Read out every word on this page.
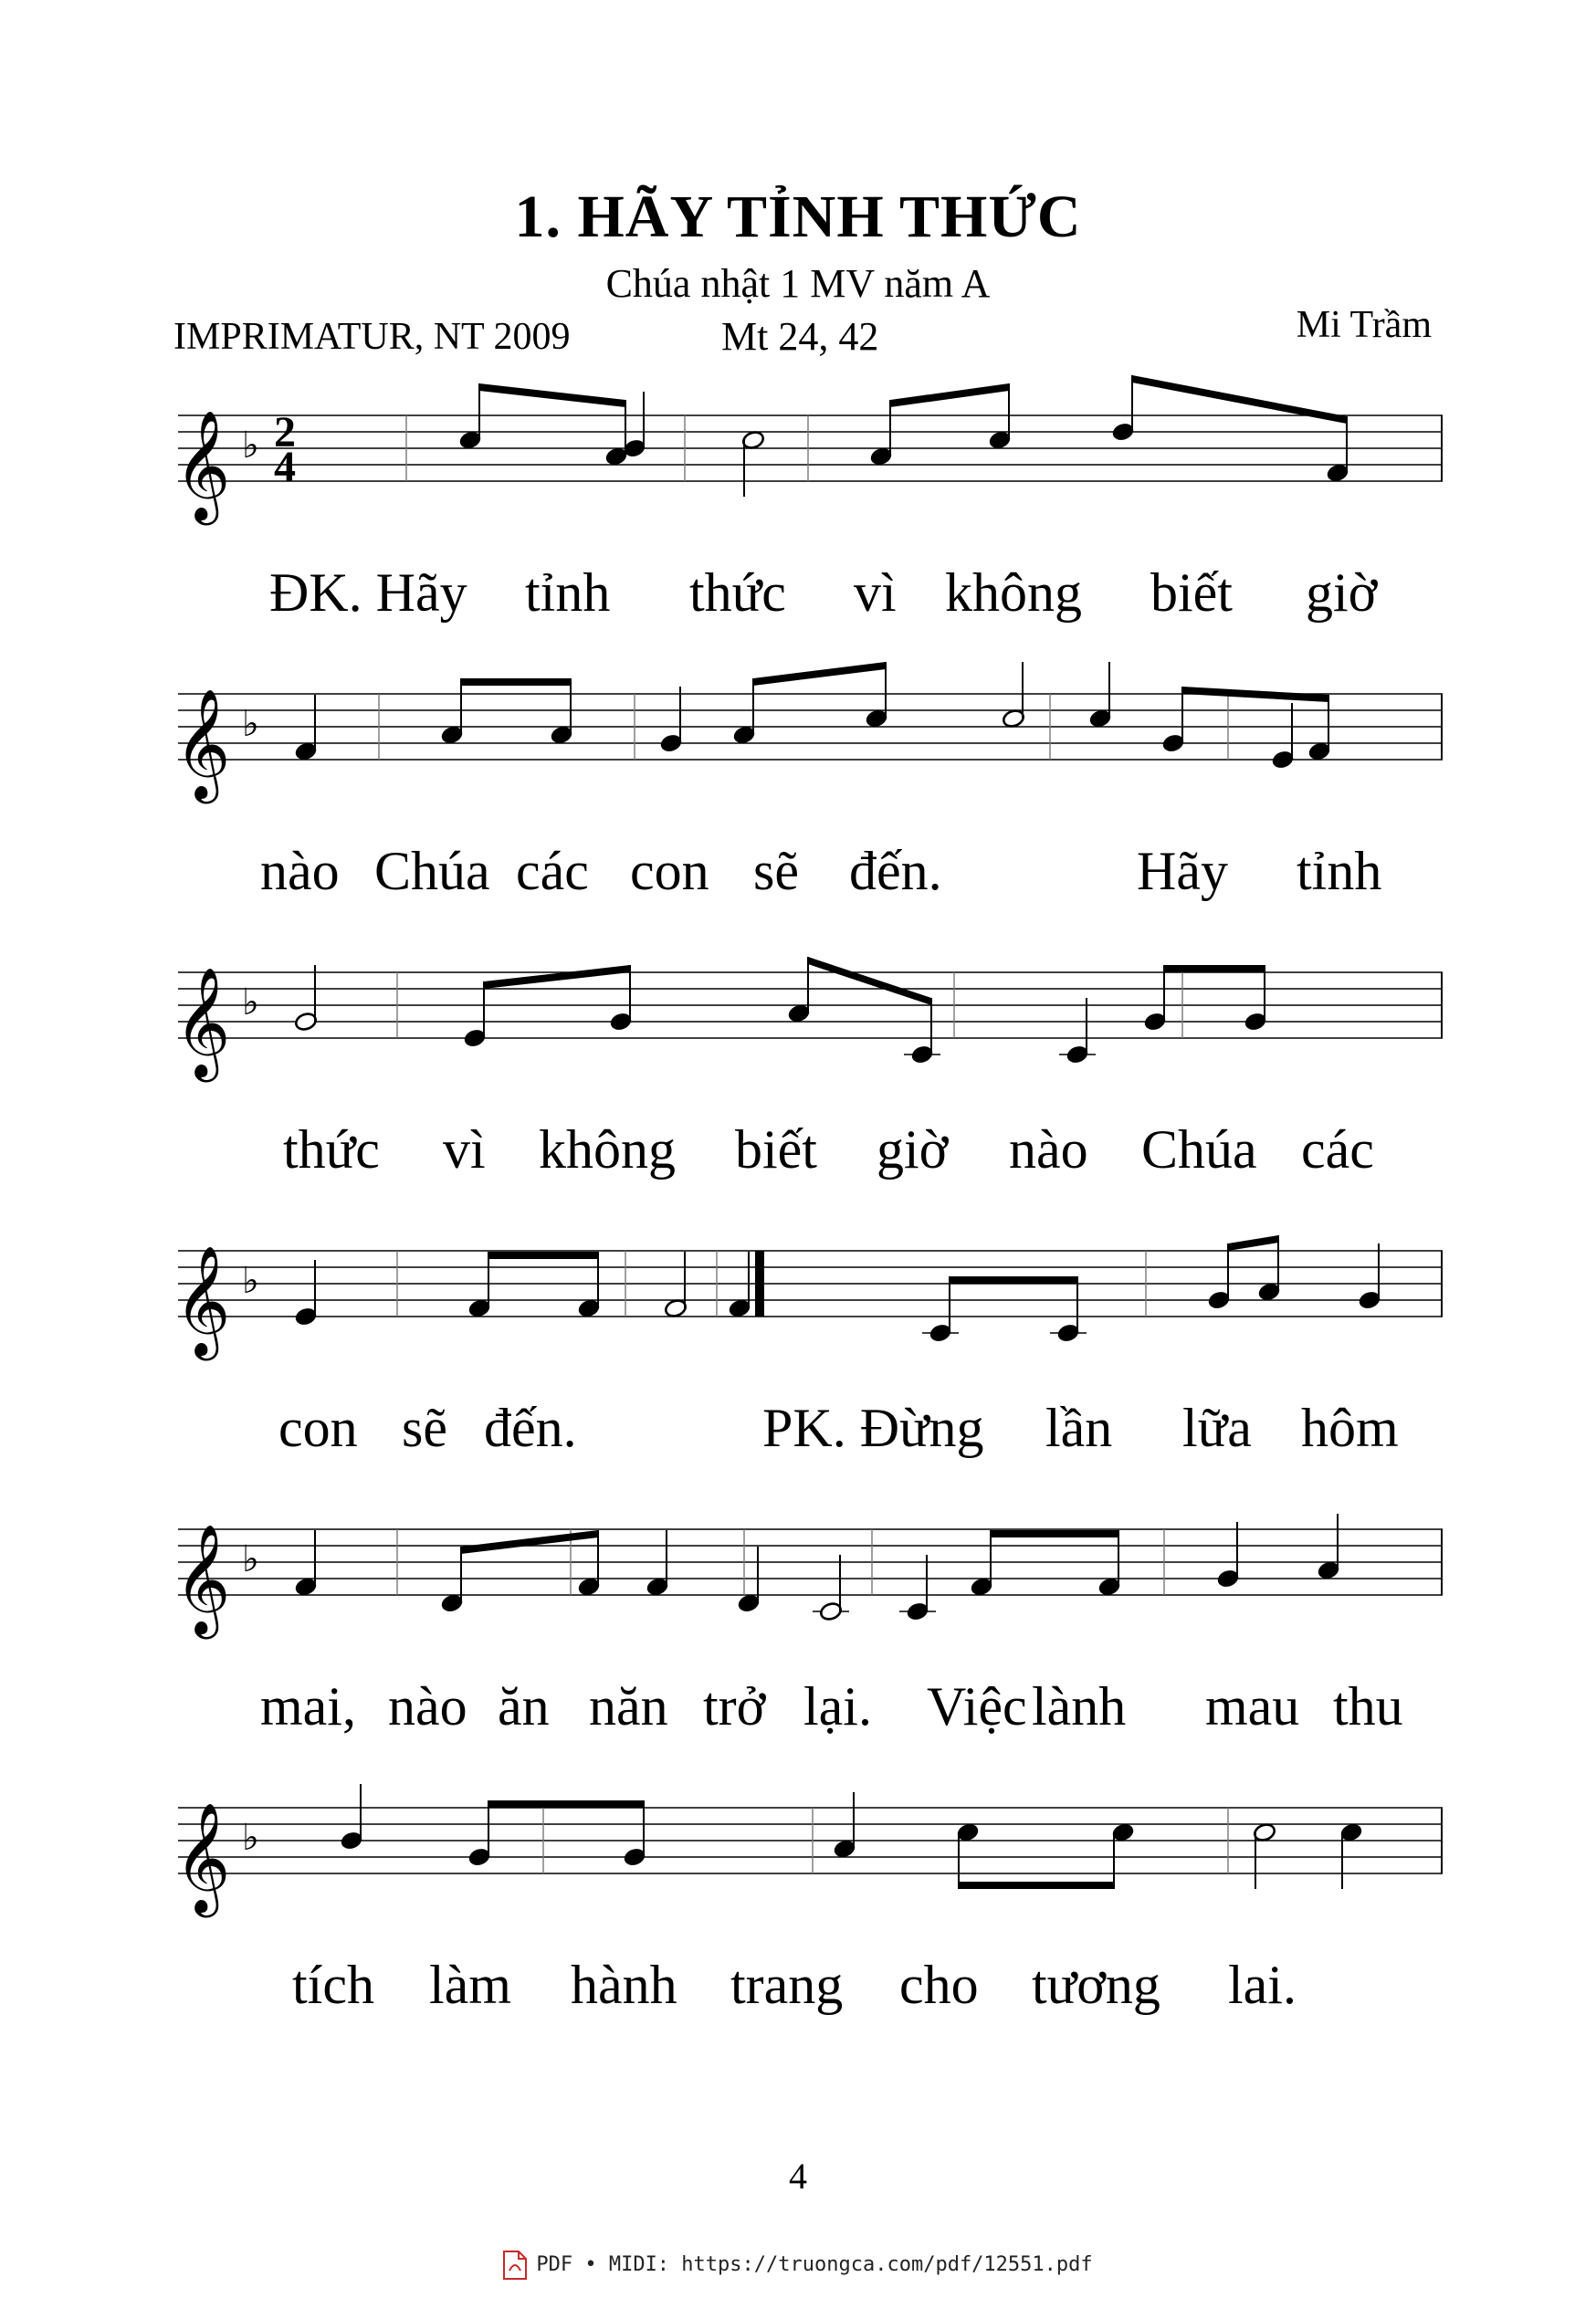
1. HÃY TỈNH THỨC
Chúa nhật 1 MV năm A
IMPRIMATUR, NT 2009	Mt 24, 42	Mi Trầm
𝄞 ♭ 2
4
𝄞 ♭
𝄞 ♭
𝄞 ♭
𝄞 ♭
𝄞 ♭
ĐK. Hãy tỉnh thức vì không biết giờ
nào Chúa các con sẽ đến.	Hãy tỉnh
thức vì không biết giờ nào Chúa các
con sẽ đến.	PK. Đừng lần lữa hôm
mai, nào ăn năn trở lại. Việc lành mau thu
tích làm hành trang cho tương lai.
4
PDF • MIDI: https://truongca.com/pdf/12551.pdf
